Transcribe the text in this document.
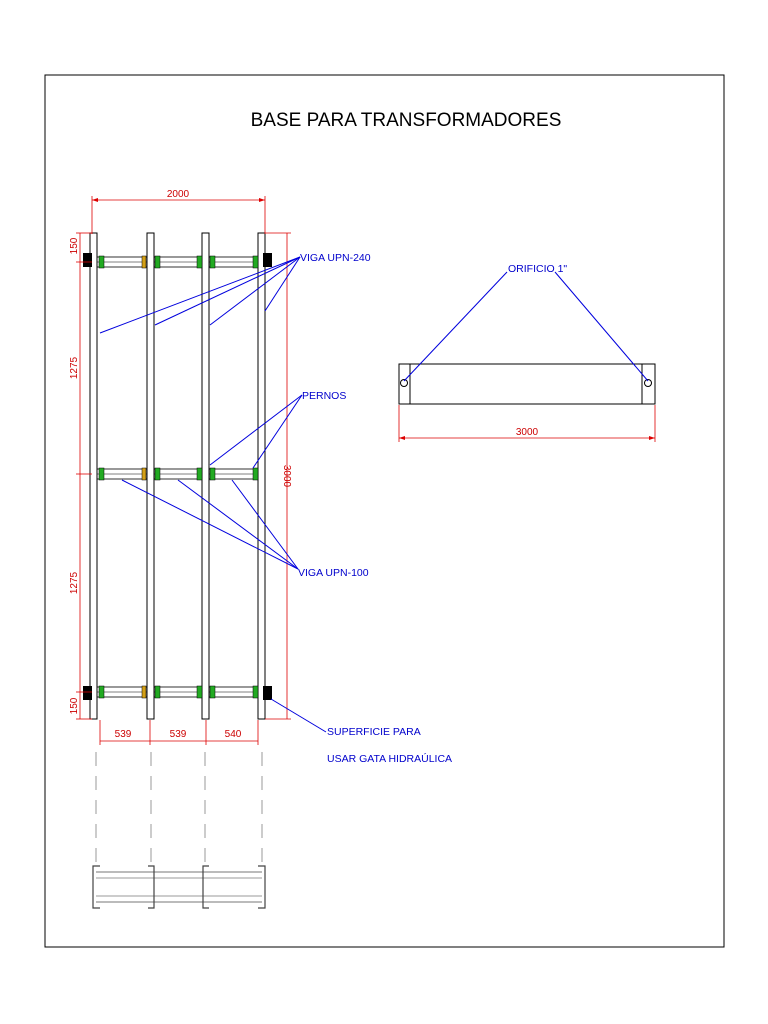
BASE PARA TRANSFORMADORES
2000
150
1275
1275
150
3000
539	539	540
VIGA UPN-240
PERNOS
VIGA UPN-100
SUPERFICIE PARA
USAR GATA HIDRAÚLICA
ORIFICIO 1"
3000
